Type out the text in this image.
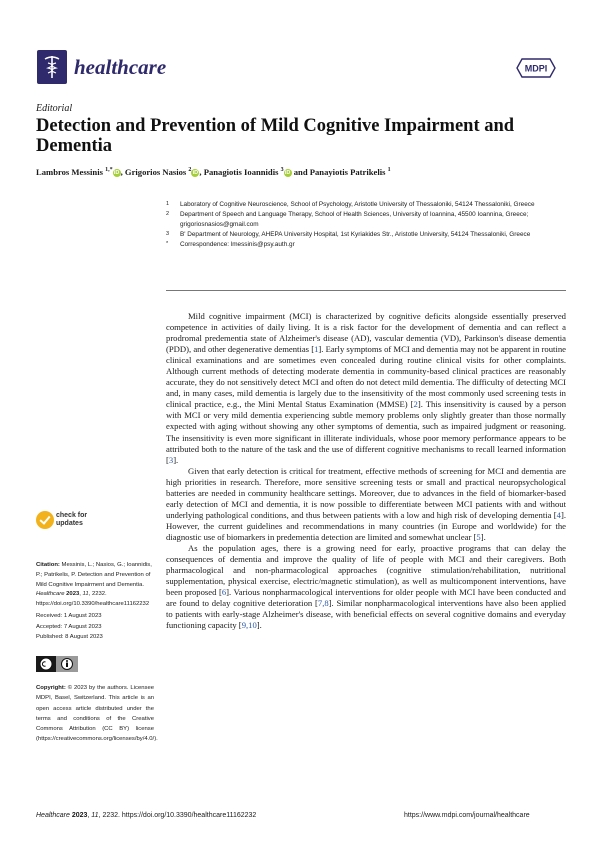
healthcare	MDPI
Editorial
Detection and Prevention of Mild Cognitive Impairment and Dementia
Lambros Messinis $^{1,*}$iD, Grigorios Nasios $^2$iD, Panagiotis Ioannidis $^3$iD and Panayiotis Patrikelis $^1$
1	Laboratory of Cognitive Neuroscience, School of Psychology, Aristotle University of Thessaloniki, 54124 Thessaloniki, Greece
2	Department of Speech and Language Therapy, School of Health Sciences, University of Ioannina, 45500 Ioannina, Greece; grigoriosnasios@gmail.com
3	B' Department of Neurology, AHEPA University Hospital, 1st Kyriakides Str., Aristotle University, 54124 Thessaloniki, Greece
*	Correspondence: lmessinis@psy.auth.gr
check for
updates
Citation: Messinis, L.; Nasios, G.; Ioannidis, P.; Patrikelis, P. Detection and Prevention of Mild Cognitive Impairment and Dementia. Healthcare 2023, 11, 2232. https://doi.org/10.3390/healthcare11162232
Received: 1 August 2023
Accepted: 7 August 2023
Published: 8 August 2023
Copyright: © 2023 by the authors. Licensee MDPI, Basel, Switzerland. This article is an open access article distributed under the terms and conditions of the Creative Commons Attribution (CC BY) license (https://creativecommons.org/licenses/by/4.0/).

Mild cognitive impairment (MCI) is characterized by cognitive deficits alongside essentially preserved competence in activities of daily living. It is a risk factor for the development of dementia and can reflect a prodromal predementia state of Alzheimer's disease (AD), vascular dementia (VD), Parkinson's disease dementia (PDD), and other degenerative dementias [1]. Early symptoms of MCI and dementia may not be apparent in routine clinical examinations and are sometimes even concealed during routine clinical visits for other complaints. Although current methods of detecting moderate dementia in community-based clinical practices are reasonably accurate, they do not sensitively detect MCI and often do not detect mild dementia. The difficulty of detecting MCI and, in many cases, mild dementia is largely due to the insensitivity of the most commonly used screening tests in clinical practice, e.g., the Mini Mental Status Examination (MMSE) [2]. This insensitivity is caused by a person with MCI or very mild dementia experiencing subtle memory problems only slightly greater than those normally expected with aging without showing any other symptoms of dementia, such as impaired judgment or reasoning. The insensitivity is even more significant in illiterate individuals, whose poor memory performance appears to be attributed both to the nature of the task and the use of different cognitive mechanisms to recall learned information [3].

Given that early detection is critical for treatment, effective methods of screening for MCI and dementia are high priorities in research. Therefore, more sensitive screening tests or small and practical neuropsychological batteries are needed in community healthcare settings. Moreover, due to advances in the field of biomarker-based early detection of MCI and dementia, it is now possible to differentiate between MCI patients with and without underlying pathological conditions, and thus between patients with a low and high risk of developing dementia [4]. However, the current guidelines and recommendations in many countries (in Europe and worldwide) for the diagnostic use of biomarkers in predementia detection are limited and somewhat unclear [5].

As the population ages, there is a growing need for early, proactive programs that can delay the consequences of dementia and improve the quality of life of people with MCI and their caregivers. Both pharmacological and non-pharmacological approaches (cognitive stimulation/rehabilitation, nutritional supplementation, physical exercise, electric/magnetic stimulation), as well as multicomponent interventions, have been proposed [6]. Various nonpharmacological interventions for older people with MCI have been conducted and are found to delay cognitive deterioration [7,8]. Similar nonpharmacological interventions have also been applied to patients with early-stage Alzheimer's disease, with beneficial effects on several cognitive domains and everyday functioning capacity [9,10].

Healthcare 2023, 11, 2232. https://doi.org/10.3390/healthcare11162232	https://www.mdpi.com/journal/healthcare
